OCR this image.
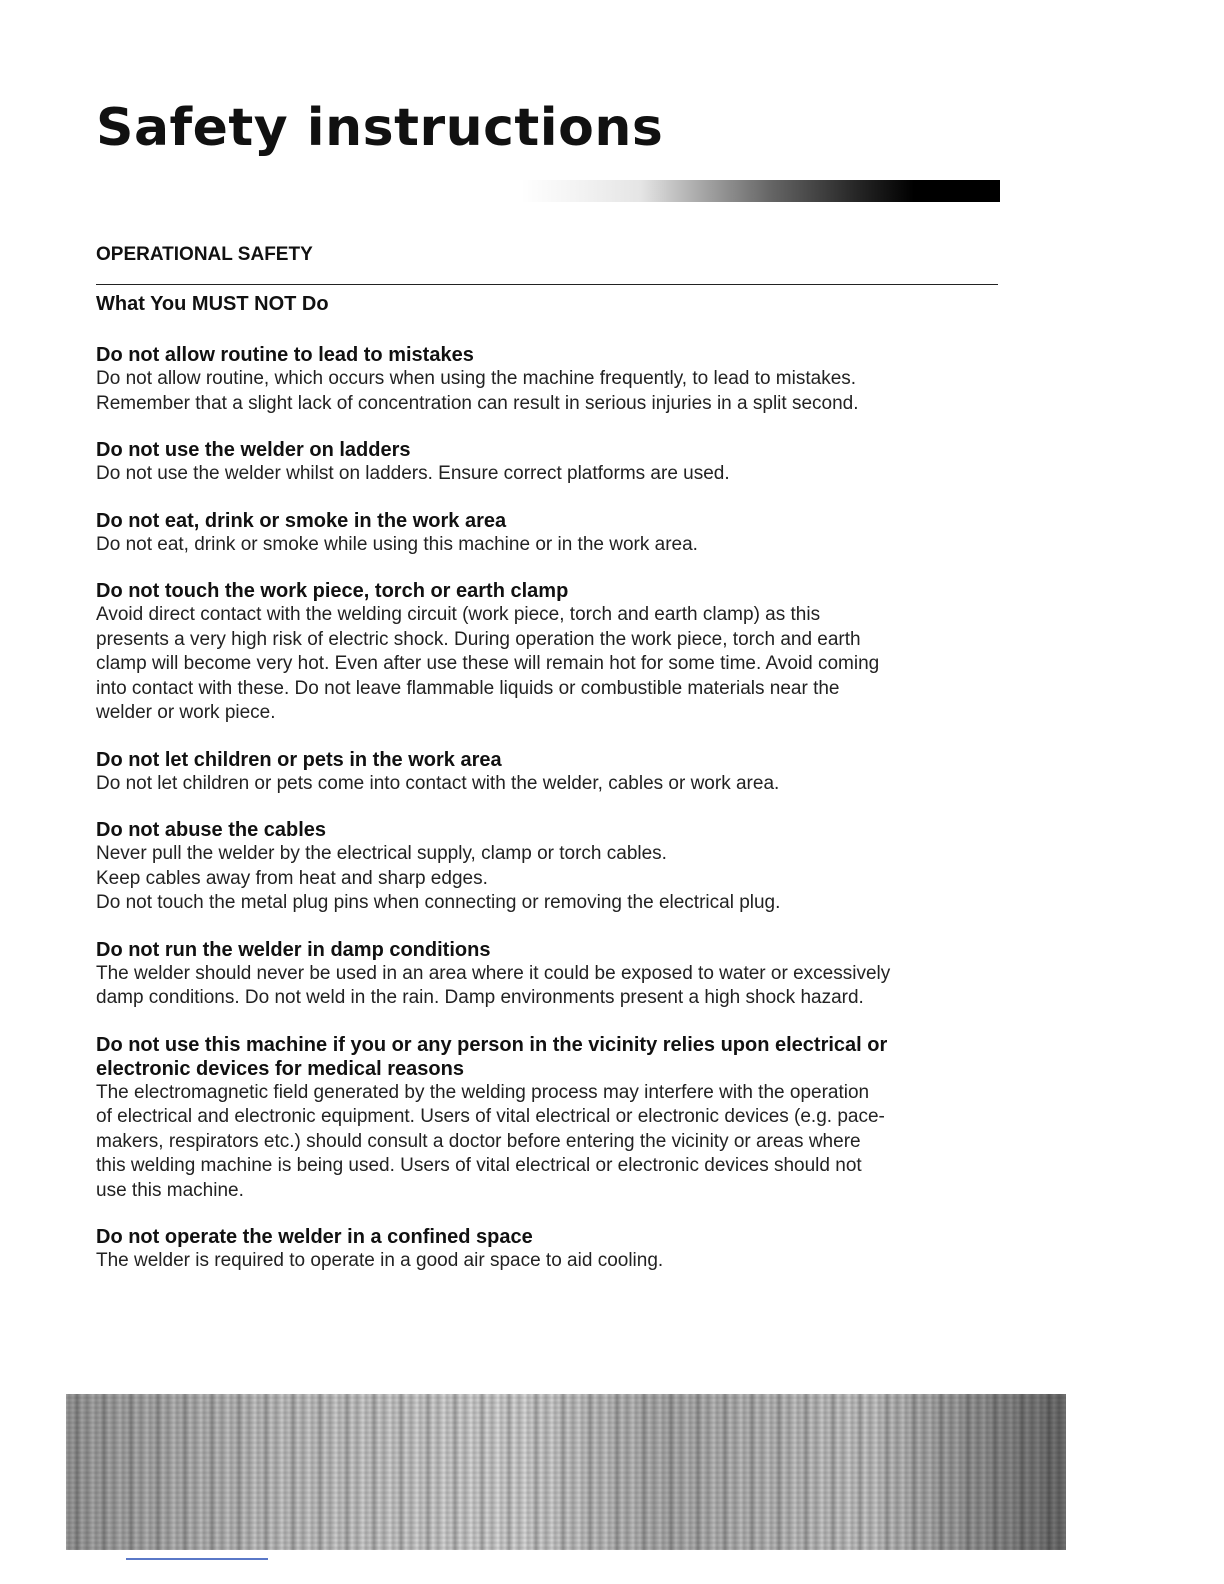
Safety instructions
OPERATIONAL SAFETY
What You MUST NOT Do

Do not allow routine to lead to mistakes

Do not allow routine, which occurs when using the machine frequently, to lead to mistakes.

Remember that a slight lack of concentration can result in serious injuries in a split second.

Do not use the welder on ladders

Do not use the welder whilst on ladders. Ensure correct platforms are used.

Do not eat, drink or smoke in the work area

Do not eat, drink or smoke while using this machine or in the work area.

Do not touch the work piece, torch or earth clamp

Avoid direct contact with the welding circuit (work piece, torch and earth clamp) as this

presents a very high risk of electric shock. During operation the work piece, torch and earth

clamp will become very hot. Even after use these will remain hot for some time. Avoid coming

into contact with these. Do not leave flammable liquids or combustible materials near the

welder or work piece.

Do not let children or pets in the work area

Do not let children or pets come into contact with the welder, cables or work area.

Do not abuse the cables

Never pull the welder by the electrical supply, clamp or torch cables.

Keep cables away from heat and sharp edges.

Do not touch the metal plug pins when connecting or removing the electrical plug.

Do not run the welder in damp conditions

The welder should never be used in an area where it could be exposed to water or excessively

damp conditions. Do not weld in the rain. Damp environments present a high shock hazard.

Do not use this machine if you or any person in the vicinity relies upon electrical or

electronic devices for medical reasons

The electromagnetic field generated by the welding process may interfere with the operation

of electrical and electronic equipment. Users of vital electrical or electronic devices (e.g. pace-

makers, respirators etc.) should consult a doctor before entering the vicinity or areas where

this welding machine is being used. Users of vital electrical or electronic devices should not

use this machine.

Do not operate the welder in a confined space

The welder is required to operate in a good air space to aid cooling.
